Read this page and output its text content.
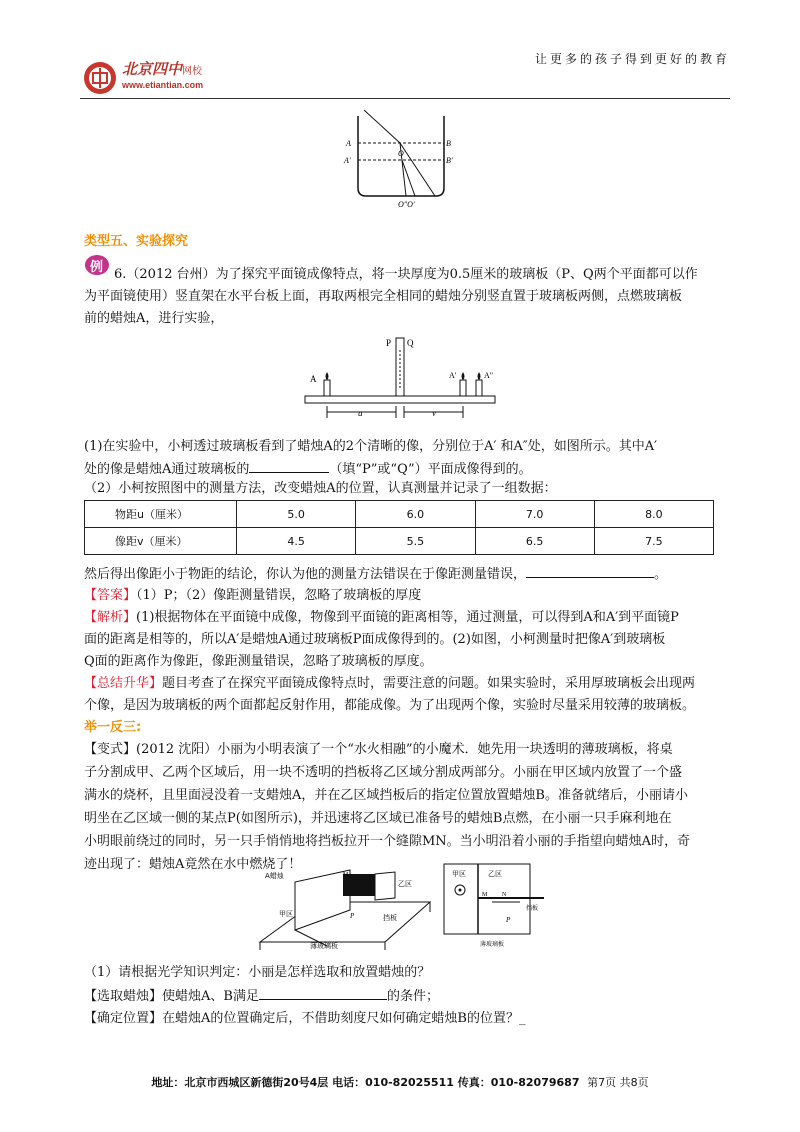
北京四中网校
www.etiantian.com
让更多的孩子得到更好的教育
A	B
A'
O
B'
O"O'
类型五、实验探究
例 6.（2012 台州）为了探究平面镜成像特点，将一块厚度为0.5厘米的玻璃板（P、Q两个平面都可以作
为平面镜使用）竖直架在水平台板上面，再取两根完全相同的蜡烛分别竖直置于玻璃板两侧，点燃玻璃板
前的蜡烛A，进行实验，
P Q
A	A'	A"
u	v
(1)在实验中，小柯透过玻璃板看到了蜡烛A的2个清晰的像，分别位于A′ 和A″处，如图所示。其中A′
处的像是蜡烛A通过玻璃板的	（填“P”或“Q”）平面成像得到的。
（2）小柯按照图中的测量方法，改变蜡烛A的位置，认真测量并记录了一组数据：
物距u（厘米）	5.0	6.0	7.0	8.0
像距v（厘米）	4.5	5.5	6.5	7.5
然后得出像距小于物距的结论，你认为他的测量方法错误在于像距测量错误，	。
【答案】（1）P；（2）像距测量错误，忽略了玻璃板的厚度
【解析】(1)根据物体在平面镜中成像，物像到平面镜的距离相等，通过测量，可以得到A和A′到平面镜P
面的距离是相等的，所以A′是蜡烛A通过玻璃板P面成像得到的。(2)如图，小柯测量时把像A′到玻璃板
Q面的距离作为像距，像距测量错误，忽略了玻璃板的厚度。
【总结升华】题目考查了在探究平面镜成像特点时，需要注意的问题。如果实验时，采用厚玻璃板会出现两
个像，是因为玻璃板的两个面都起反射作用，都能成像。为了出现两个像，实验时尽量采用较薄的玻璃板。
举一反三:
【变式】(2012 沈阳）小丽为小明表演了一个“水火相融”的小魔术．她先用一块透明的薄玻璃板，将桌
子分割成甲、乙两个区域后，用一块不透明的挡板将乙区域分割成两部分。小丽在甲区域内放置了一个盛
满水的烧杯，且里面浸没着一支蜡烛A，并在乙区域挡板后的指定位置放置蜡烛B。准备就绪后，小丽请小
明坐在乙区域一侧的某点P(如图所示)，并迅速将乙区域已准备号的蜡烛B点燃，在小丽一只手麻利地在
小明眼前绕过的同时，另一只手悄悄地将挡板拉开一个缝隙MN。当小明沿着小丽的手指望向蜡烛A时，奇
迹出现了：蜡烛A竟然在水中燃烧了！
A蜡烛
乙区
甲区	挡板
P
薄玻璃板
M	甲区	乙区
M N
挡板
P
薄玻璃板
（1）请根据光学知识判定：小丽是怎样选取和放置蜡烛的？
【选取蜡烛】使蜡烛A、B满足	的条件；
【确定位置】在蜡烛A的位置确定后，不借助刻度尺如何确定蜡烛B的位置？_
地址：北京市西城区新德街20号4层 电话：010-82025511 传真：010-82079687 第7页 共8页
